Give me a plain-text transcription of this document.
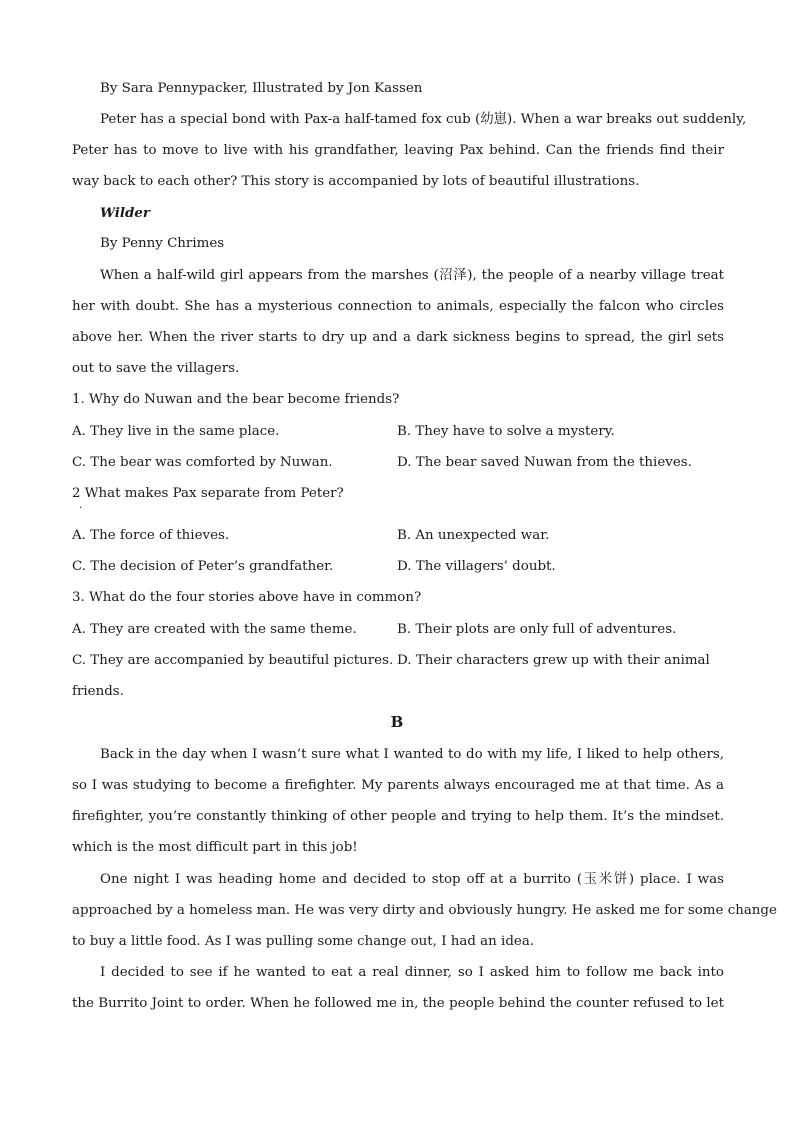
By Sara Pennypacker, Illustrated by Jon Kassen
Peter has a special bond with Pax-a half-tamed fox cub (幼崽). When a war breaks out suddenly,
Peter has to move to live with his grandfather, leaving Pax behind. Can the friends find their
way back to each other? This story is accompanied by lots of beautiful illustrations.
Wilder
By Penny Chrimes
When a half-wild girl appears from the marshes (沼泽), the people of a nearby village treat
her with doubt. She has a mysterious connection to animals, especially the falcon who circles
above her. When the river starts to dry up and a dark sickness begins to spread, the girl sets
out to save the villagers.
1. Why do Nuwan and the bear become friends?
A. They live in the same place.	B. They have to solve a mystery.
C. The bear was comforted by Nuwan.	D. The bear saved Nuwan from the thieves.
2 What makes Pax separate from Peter?
·
A. The force of thieves.	B. An unexpected war.
C. The decision of Peter’s grandfather.	D. The villagers’ doubt.
3. What do the four stories above have in common?
A. They are created with the same theme.	B. Their plots are only full of adventures.
C. They are accompanied by beautiful pictures. D. Their characters grew up with their animal
friends.
B
Back in the day when I wasn’t sure what I wanted to do with my life, I liked to help others,
so I was studying to become a firefighter. My parents always encouraged me at that time. As a
firefighter, you’re constantly thinking of other people and trying to help them. It’s the mindset.
which is the most difficult part in this job!
One night I was heading home and decided to stop off at a burrito (玉米饼) place. I was
approached by a homeless man. He was very dirty and obviously hungry. He asked me for some change
to buy a little food. As I was pulling some change out, I had an idea.
I decided to see if he wanted to eat a real dinner, so I asked him to follow me back into
the Burrito Joint to order. When he followed me in, the people behind the counter refused to let
